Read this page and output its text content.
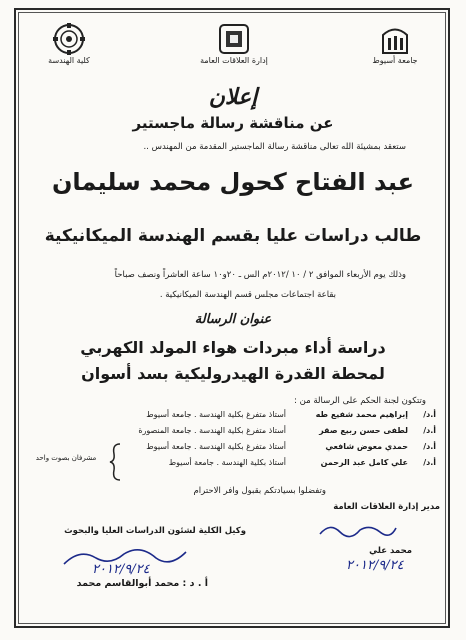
كلية الهندسة	إدارة العلاقات العامة	جامعة أسيوط
إعلان
عن مناقشة رسالة ماجستير
ستعقد بمشيئة الله تعالى مناقشة رسالة الماجستير المقدمة من المهندس ..
عبد الفتاح كحول محمد سليمان
طالب دراسات عليا بقسم الهندسة الميكانيكية
وذلك يوم الأربعاء الموافق ٢ / ١٠ /٢٠١٢م الس ـ ٢٠و١٠ ساعة العاشراً ونصف صباحاً
بقاعة اجتماعات مجلس قسم الهندسة الميكانيكية .
عنوان الرسالة
دراسة أداء مبردات هواء المولد الكهربي
لمحطة القدرة الهيدروليكية بسد أسوان
وتتكون لجنة الحكم على الرسالة من :
أ.د/
إبراهيم محمد شفيع طه
أستاذ متفرغ بكلية الهندسة . جامعة أسيوط
أ.د/
لطفى حسن ربيع صقر
أستاذ متفرغ بكلية الهندسة . جامعة المنصورة
أ.د/
حمدي معوض شافعي
أستاذ متفرغ بكلية الهندسة . جامعة أسيوط
أ.د/
علي كامل عبد الرحمن
أستاذ بكلية الهندسة . جامعة أسيوط
مشرفان بصوت واحد
وتفضلوا بسيادتكم بقبول وافر الاحترام
مدير إدارة العلاقات العامة
محمد علي
٢٠١٢/٩/٢٤
وكيل الكلية لشئون الدراسات العليا والبحوث
٢٠١٢/٩/٢٤
أ . د : محمد أبوالقاسم محمد
